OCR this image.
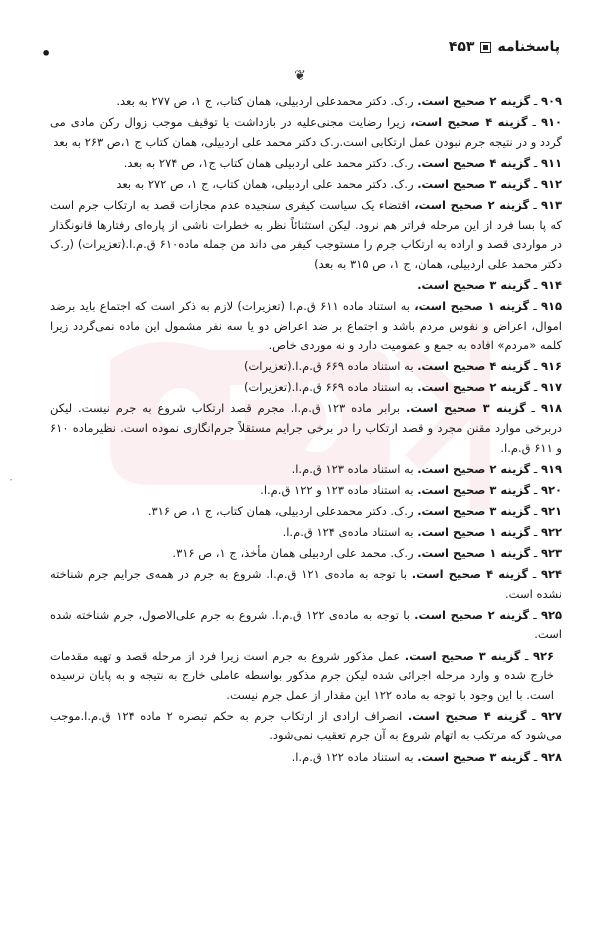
پاسخنامه
۴۵۳
•
❦

۹۰۹ ـ گزینه ۲ صحیح است. ر.ک. دکتر محمدعلی اردبیلی، همان کتاب، ج ۱، ص ۲۷۷ به بعد.

۹۱۰ ـ گزینه ۴ صحیح است، زیرا رضایت مجنی‌علیه در بازداشت یا توقیف موجب زوال رکن مادی می گردد و در نتیجه جرم نبودن عمل ارتکابی است.ر.ک دکتر محمد علی اردبیلی، همان کتاب ج ۱،ص ۲۶۳ به بعد

۹۱۱ ـ گزینه ۴ صحیح است. ر.ک. دکتر محمد علی اردبیلی همان کتاب ج۱، ص ۲۷۴ به بعد.

۹۱۲ ـ گزینه ۳ صحیح است. ر.ک. دکتر محمد علی اردبیلی، همان کتاب، ج ۱، ص ۲۷۲ به بعد

۹۱۳ ـ گزینه ۲ صحیح است، اقتضاء یک سیاست کیفری سنجیده عدم مجازات قصد به ارتکاب جرم است که پا بسا فرد از این مرحله فراتر هم نرود. لیکن استثنائاً نظر به خطرات ناشی از پاره‌ای رفتارها قانونگذار در مواردی قصد و اراده به ارتکاب جرم را مستوجب کیفر می داند من جمله ماده۶۱۰ ق.م.ا.(تعزیرات) (ر.ک دکتر محمد علی اردبیلی، همان، ج ۱، ص ۳۱۵ به بعد)

۹۱۴ ـ گزینه ۳ صحیح است.

۹۱۵ ـ گزینه ۱ صحیح است، به استناد ماده ۶۱۱ ق.م.ا (تعزیرات) لازم به ذکر است که اجتماع باید برضد اموال، اعراض و نفوس مردم باشد و اجتماع بر ضد اعراض دو یا سه نفر مشمول این ماده نمی‌گردد زیرا کلمه «مردم» افاده به جمع و عمومیت دارد و نه موردی خاص.

۹۱۶ ـ گزینه ۴ صحیح است. به استناد ماده ۶۶۹ ق.م.ا.(تعزیرات)

۹۱۷ ـ گزینه ۲ صحیح است. به استناد ماده ۶۶۹ ق.م.ا.(تعزیرات)

۹۱۸ ـ گزینه ۳ صحیح است. برابر ماده ۱۲۳ ق.م.ا. مجرم قصد ارتکاب شروع به جرم نیست. لیکن دربرخی موارد مقنن مجرد و قصد ارتکاب را در برخی جرایم مستقلاً جرم‌انگاری نموده است. نظیرماده ۶۱۰ و ۶۱۱ ق.م.ا.

۹۱۹ ـ گزینه ۲ صحیح است. به استناد ماده ۱۲۳ ق.م.ا.

۹۲۰ ـ گزینه ۳ صحیح است. به استناد ماده ۱۲۳ و ۱۲۲ ق.م.ا.

۹۲۱ ـ گزینه ۳ صحیح است. ر.ک. دکتر محمدعلی اردبیلی، همان کتاب، ج ۱، ص ۳۱۶.

۹۲۲ ـ گزینه ۱ صحیح است. به استناد ماده‌ی ۱۲۴ ق.م.ا.

۹۲۳ ـ گزینه ۱ صحیح است. ر.ک. محمد علی اردبیلی همان مأخذ، ج ۱، ص ۳۱۶.

۹۲۴ ـ گزینه ۴ صحیح است. با توجه به ماده‌ی ۱۲۱ ق.م.ا. شروع به جرم در همه‌ی جرایم جرم شناخته نشده است.

۹۲۵ ـ گزینه ۲ صحیح است. با توجه به ماده‌ی ۱۲۲ ق.م.ا. شروع به جرم علی‌الاصول، جرم شناخته شده است.

۹۲۶ ـ گزینه ۳ صحیح است. عمل مذکور شروع به جرم است زیرا فرد از مرحله قصد و تهیه مقدمات خارج شده و وارد مرحله اجرائی شده لیکن جرم مذکور بواسطه عاملی خارج به نتیجه و به پایان نرسیده است. با این وجود با توجه به ماده ۱۲۲ این مقدار از عمل جرم نیست.

۹۲۷ ـ گزینه ۴ صحیح است. انصراف ارادی از ارتکاب جرم به حکم تبصره ۲ ماده ۱۲۴ ق.م.ا.موجب می‌شود که مرتکب به اتهام شروع به آن جرم تعقیب نمی‌شود.

۹۲۸ ـ گزینه ۳ صحیح است. به استناد ماده ۱۲۲ ق.م.ا.

᛫
